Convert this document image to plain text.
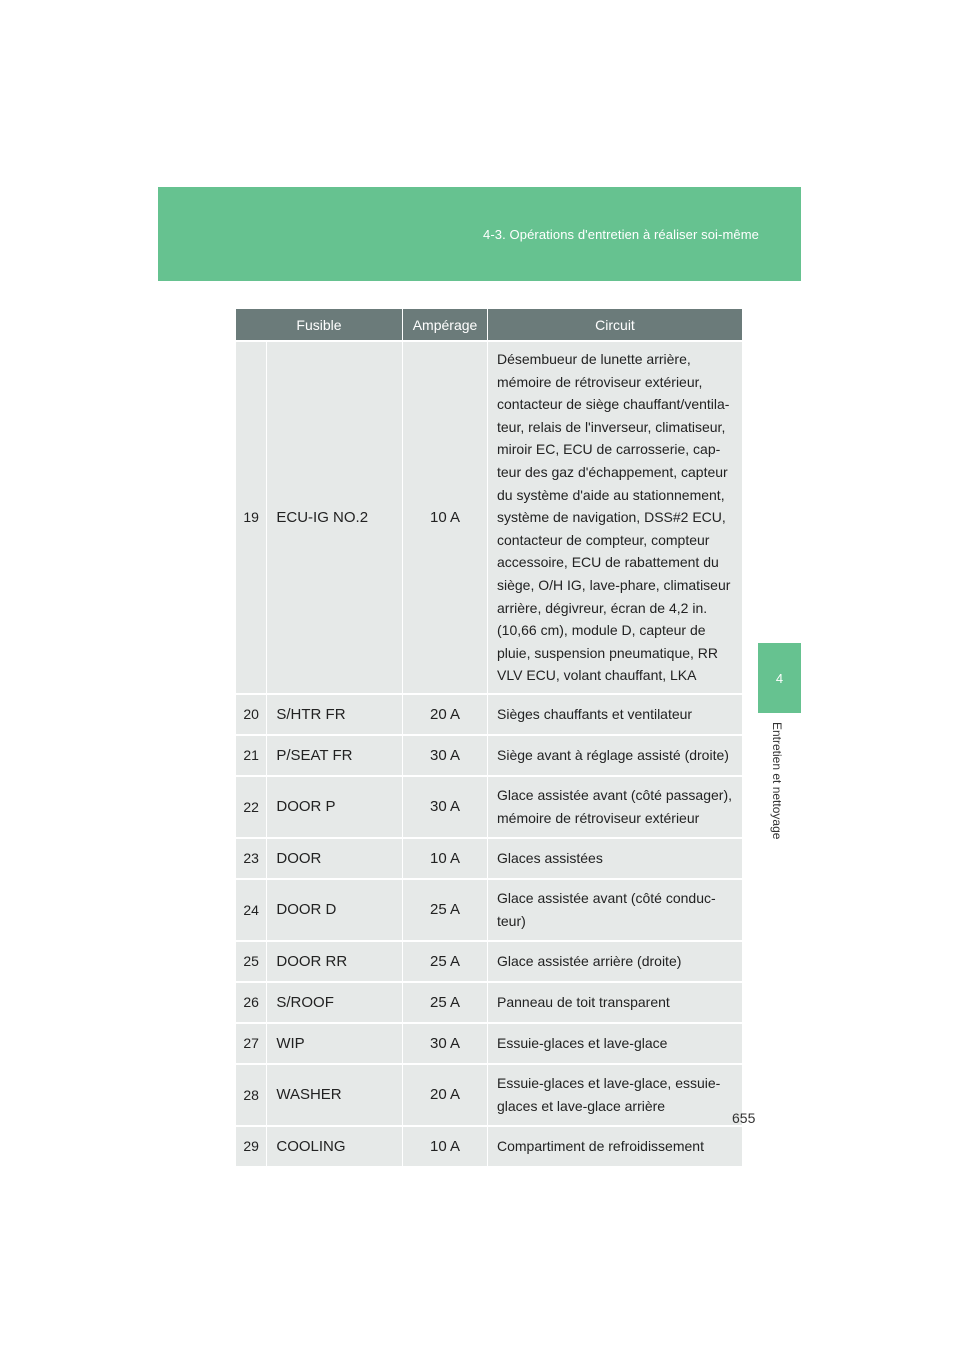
4-3. Opérations d'entretien à réaliser soi-même
4
Entretien et nettoyage
Fusible		Ampérage	Circuit
19	ECU-IG NO.2	10 A	Désembueur de lunette arrière, mémoire de rétroviseur extérieur, contacteur de siège chauffant/ventila-teur, relais de l'inverseur, climatiseur, miroir EC, ECU de carrosserie, cap-teur des gaz d'échappement, capteur du système d'aide au stationnement, système de navigation, DSS#2 ECU, contacteur de compteur, compteur accessoire, ECU de rabattement du siège, O/H IG, lave-phare, climatiseur arrière, dégivreur, écran de 4,2 in. (10,66 cm), module D, capteur de pluie, suspension pneumatique, RR VLV ECU, volant chauffant, LKA
20	S/HTR FR	20 A	Sièges chauffants et ventilateur
21	P/SEAT FR	30 A	Siège avant à réglage assisté (droite)
22	DOOR P	30 A	Glace assistée avant (côté passager), mémoire de rétroviseur extérieur
23	DOOR	10 A	Glaces assistées
24	DOOR D	25 A	Glace assistée avant (côté conduc-teur)
25	DOOR RR	25 A	Glace assistée arrière (droite)
26	S/ROOF	25 A	Panneau de toit transparent
27	WIP	30 A	Essuie-glaces et lave-glace
28	WASHER	20 A	Essuie-glaces et lave-glace, essuie-glaces et lave-glace arrière
29	COOLING	10 A	Compartiment de refroidissement
655
